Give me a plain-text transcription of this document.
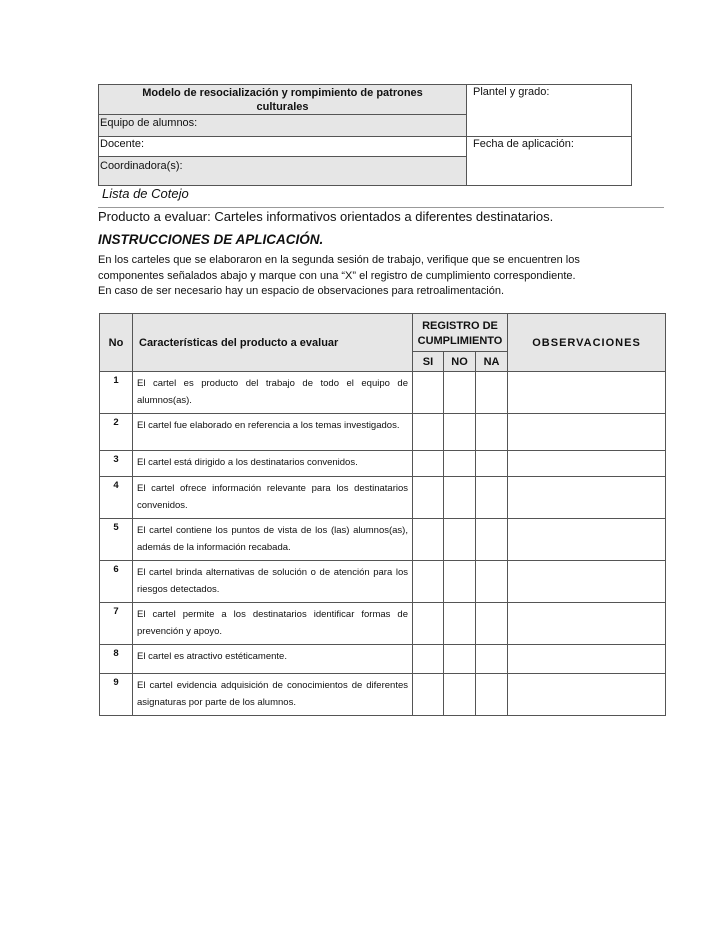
Modelo de resocialización y rompimiento de patrones culturales
Plantel y grado:
Equipo de alumnos:
Docente:	Fecha de aplicación:
Coordinadora(s):
Lista de Cotejo
Producto a evaluar: Carteles informativos orientados a diferentes destinatarios.
INSTRUCCIONES DE APLICACIÓN.
En los carteles que se elaboraron en la segunda sesión de trabajo, verifique que se encuentren los
componentes señalados abajo y marque con una “X” el registro de cumplimiento correspondiente.
En caso de ser necesario hay un espacio de observaciones para retroalimentación.
No	Características del producto a evaluar	REGISTRO DE			OBSERVACIONES
		CUMPLIMIENTO			
		SI	NO	NA	
1	El cartel es producto del trabajo de todo el equipo de alumnos(as).				
2	El cartel fue elaborado en referencia a los temas investigados.				
3	El cartel está dirigido a los destinatarios convenidos.				
4	El cartel ofrece información relevante para los destinatarios convenidos.				
5	El cartel contiene los puntos de vista de los (las) alumnos(as), además de la información recabada.				
6	El cartel brinda alternativas de solución o de atención para los riesgos detectados.				
7	El cartel permite a los destinatarios identificar formas de prevención y apoyo.				
8	El cartel es atractivo estéticamente.				
9	El cartel evidencia adquisición de conocimientos de diferentes asignaturas por parte de los alumnos.				
